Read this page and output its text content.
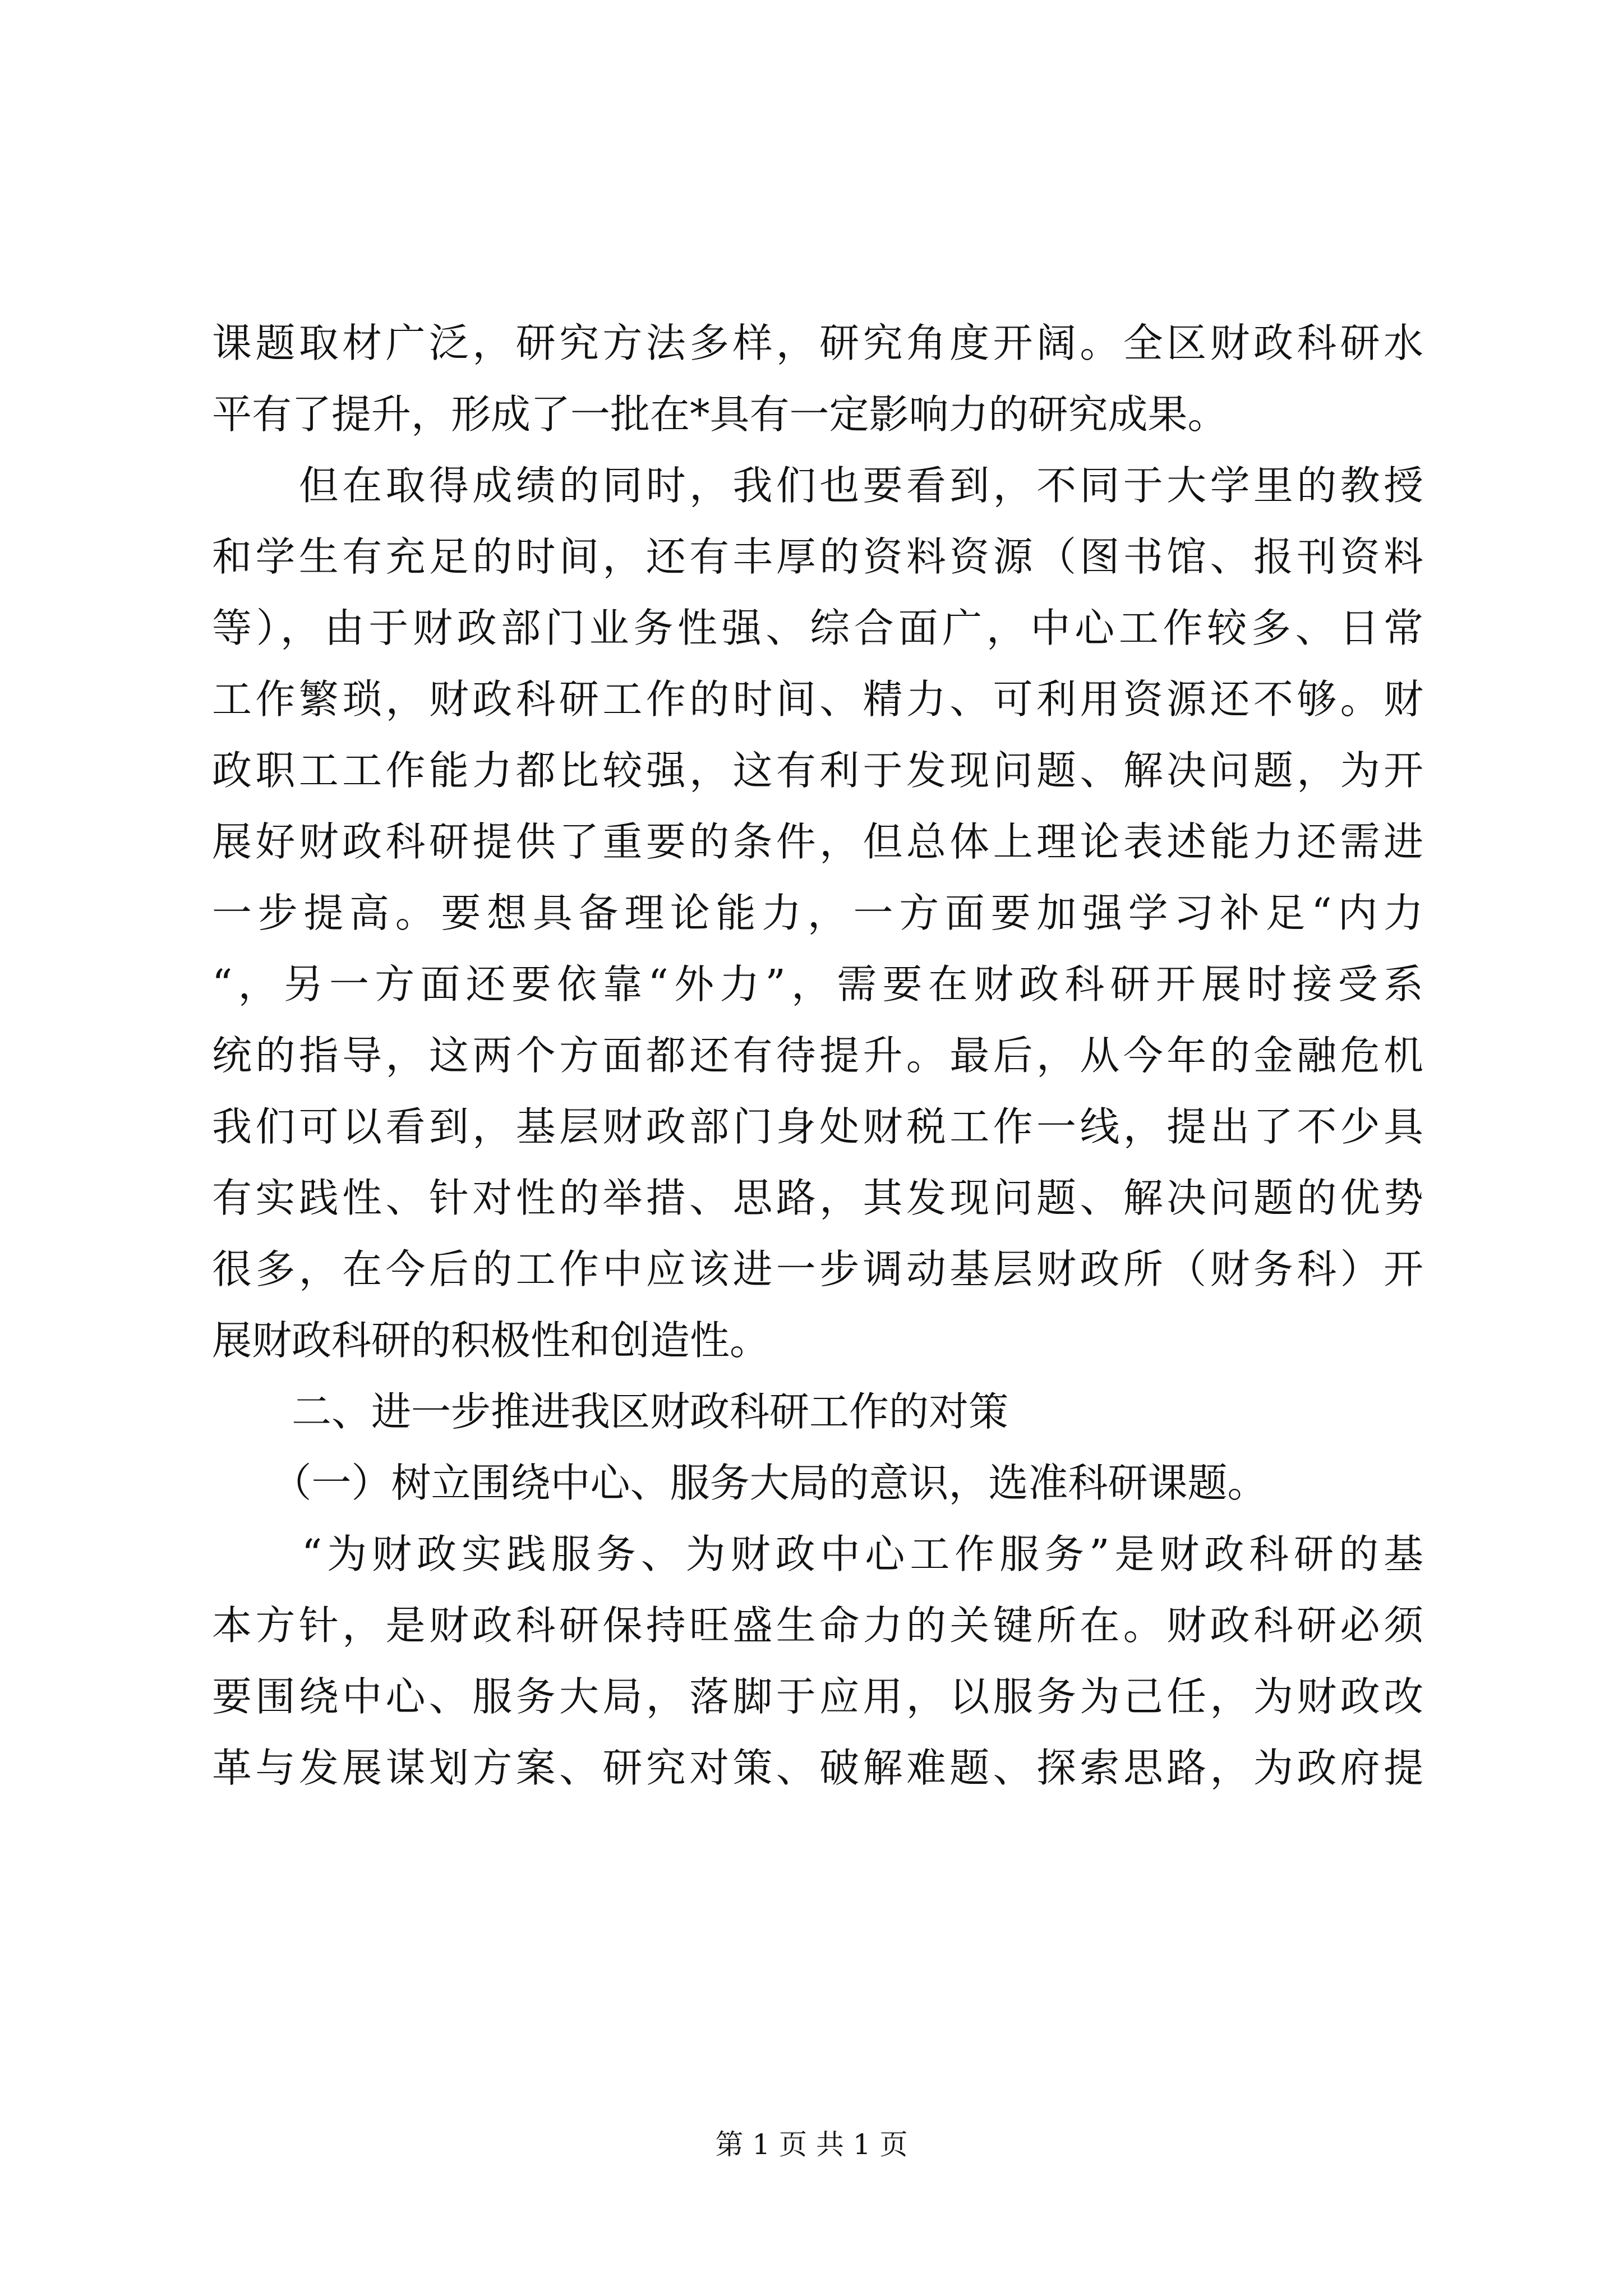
课题取材广泛，研究方法多样，研究角度开阔。全区财政科研水
平有了提升，形成了一批在*具有一定影响力的研究成果。
　　但在取得成绩的同时，我们也要看到，不同于大学里的教授
和学生有充足的时间，还有丰厚的资料资源（图书馆、报刊资料
等），由于财政部门业务性强、综合面广，中心工作较多、日常
工作繁琐，财政科研工作的时间、精力、可利用资源还不够。财
政职工工作能力都比较强，这有利于发现问题、解决问题，为开
展好财政科研提供了重要的条件，但总体上理论表述能力还需进
一步提高。要想具备理论能力，一方面要加强学习补足“内力
“，另一方面还要依靠“外力”，需要在财政科研开展时接受系
统的指导，这两个方面都还有待提升。最后，从今年的金融危机
我们可以看到，基层财政部门身处财税工作一线，提出了不少具
有实践性、针对性的举措、思路，其发现问题、解决问题的优势
很多，在今后的工作中应该进一步调动基层财政所（财务科）开
展财政科研的积极性和创造性。
　　二、进一步推进我区财政科研工作的对策
　　（一）树立围绕中心、服务大局的意识，选准科研课题。
　　“为财政实践服务、为财政中心工作服务”是财政科研的基
本方针，是财政科研保持旺盛生命力的关键所在。财政科研必须
要围绕中心、服务大局，落脚于应用，以服务为己任，为财政改
革与发展谋划方案、研究对策、破解难题、探索思路，为政府提
第 1 页 共 1 页
